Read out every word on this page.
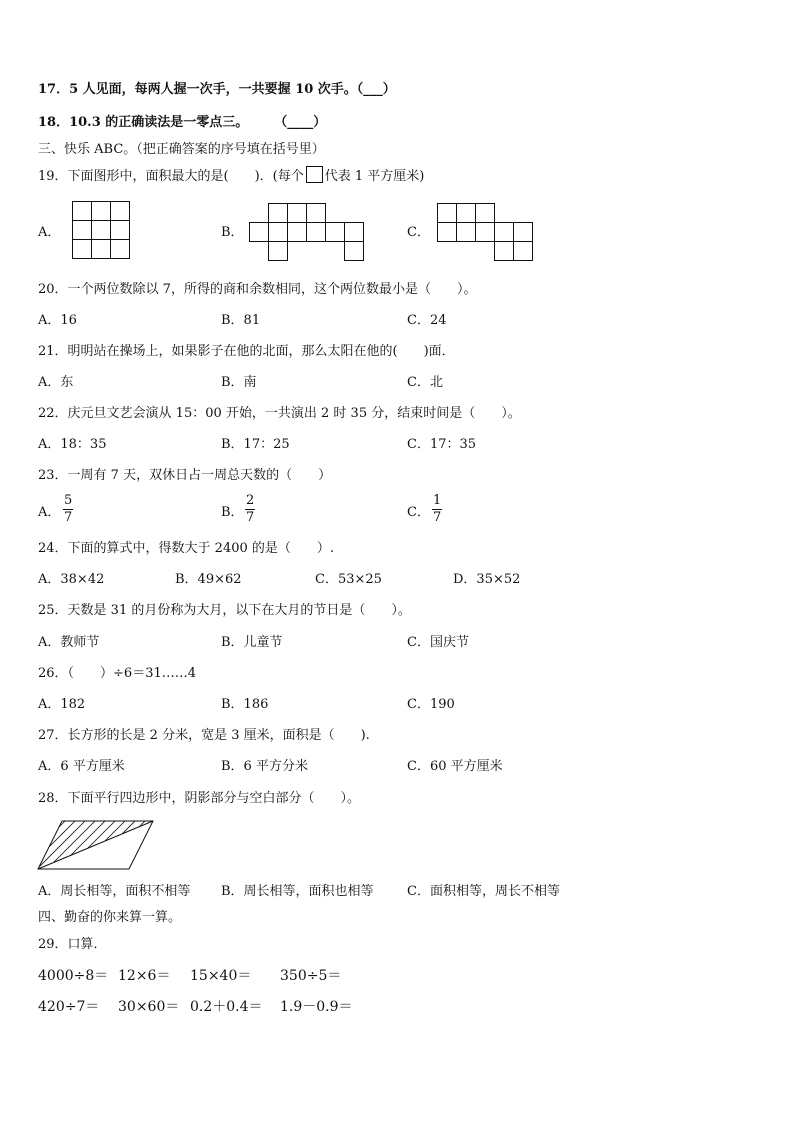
17．5 人见面，每两人握一次手，一共要握 10 次手。（___）
18．10.3 的正确读法是一零点三。　　　（____）
三、快乐 ABC。（把正确答案的序号填在括号里）
19．下面图形中，面积最大的是(　　)．(每个 代表 1 平方厘米)
A．	B．	C．
20．一个两位数除以 7，所得的商和余数相同，这个两位数最小是（　　）。
A．16	B．81	C．24
21．明明站在操场上，如果影子在他的北面，那么太阳在他的(　　)面．
A．东	B．南	C．北
22．庆元旦文艺会演从 15：00 开始，一共演出 2 时 35 分，结束时间是（　　）。
A．18：35	B．17：25	C．17：35
23．一周有 7 天，双休日占一周总天数的（　　）
A．
5
7	B．
2
7	C．
1
7
24．下面的算式中，得数大于 2400 的是（　　）.
A．38×42	B．49×62	C．53×25	D．35×52
25．天数是 31 的月份称为大月，以下在大月的节日是（　　）。
A．教师节	B．儿童节	C．国庆节
26．（　　）÷6＝31……4
A．182	B．186	C．190
27．长方形的长是 2 分米，宽是 3 厘米，面积是（　　).
A．6 平方厘米	B．6 平方分米	C．60 平方厘米
28．下面平行四边形中，阴影部分与空白部分（　　）。
A．周长相等，面积不相等 B．周长相等，面积也相等	C．面积相等，周长不相等
四、勤奋的你来算一算。
29．口算．
4000÷8＝ 12×6＝ 15×40＝ 350÷5＝
420÷7＝ 30×60＝ 0.2＋0.4＝ 1.9－0.9＝
